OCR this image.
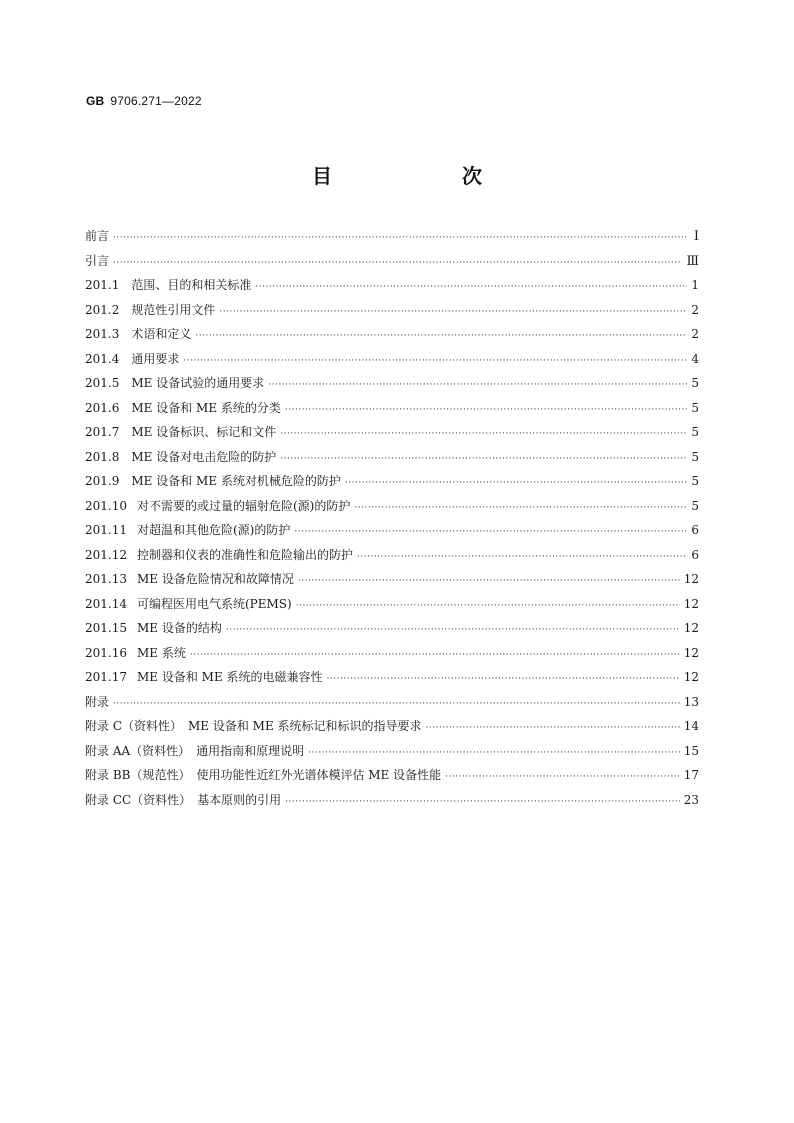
GB 9706.271—2022
目　　次
前言 ·····	Ⅰ
引言 ·····	Ⅲ
201.1 范围、目的和相关标准 ·····	1
201.2 规范性引用文件 ·····	2
201.3 术语和定义 ·····	2
201.4 通用要求 ·····	4
201.5 ME 设备试验的通用要求 ·····	5
201.6 ME 设备和 ME 系统的分类 ·····	5
201.7 ME 设备标识、标记和文件 ·····	5
201.8 ME 设备对电击危险的防护 ·····	5
201.9 ME 设备和 ME 系统对机械危险的防护 ·····	5
201.10 对不需要的或过量的辐射危险(源)的防护 ·····	5
201.11 对超温和其他危险(源)的防护 ·····	6
201.12 控制器和仪表的准确性和危险输出的防护 ·····	6
201.13 ME 设备危险情况和故障情况 ·····	12
201.14 可编程医用电气系统(PEMS) ·····	12
201.15 ME 设备的结构 ·····	12
201.16 ME 系统 ·····	12
201.17 ME 设备和 ME 系统的电磁兼容性 ·····	12
附录 ·····	13
附录 C（资料性）　ME 设备和 ME 系统标记和标识的指导要求 ·····	14
附录 AA（资料性）　通用指南和原理说明 ·····	15
附录 BB（规范性）　使用功能性近红外光谱体模评估 ME 设备性能 ·····	17
附录 CC（资料性）　基本原则的引用 ·····	23
